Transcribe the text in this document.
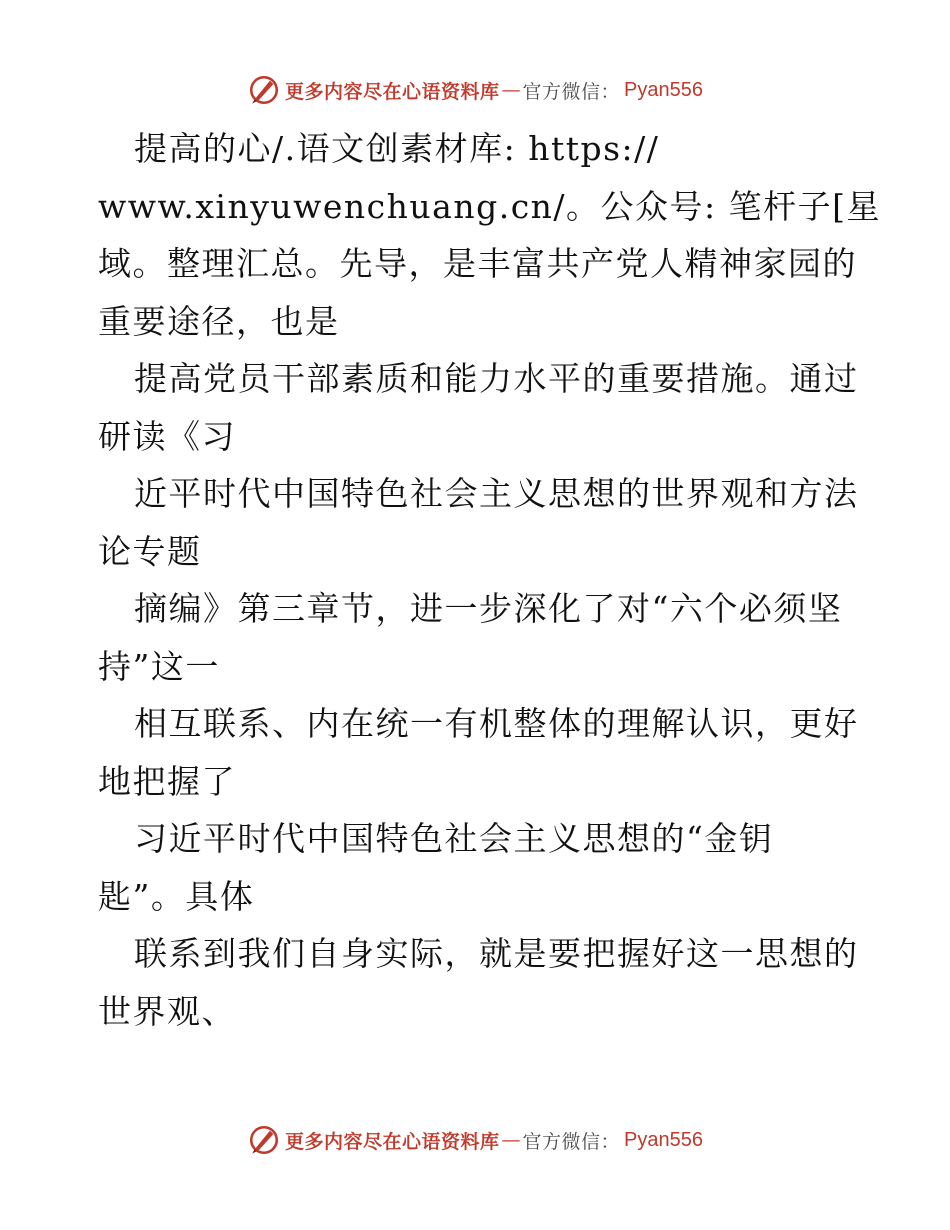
更多内容尽在心语资料库 — 官方微信： Pyan556
提高的心/.语文创素材库: https://
www.xinyuwenchuang.cn/。公众号: 笔杆子[星
域。整理汇总。先导，是丰富共产党人精神家园的
重要途径，也是
提高党员干部素质和能力水平的重要措施。通过
研读《习
近平时代中国特色社会主义思想的世界观和方法
论专题
摘编》第三章节，进一步深化了对“六个必须坚
持”这一
相互联系、内在统一有机整体的理解认识，更好
地把握了
习近平时代中国特色社会主义思想的“金钥
匙”。具体
联系到我们自身实际，就是要把握好这一思想的
世界观、
更多内容尽在心语资料库 — 官方微信： Pyan556
